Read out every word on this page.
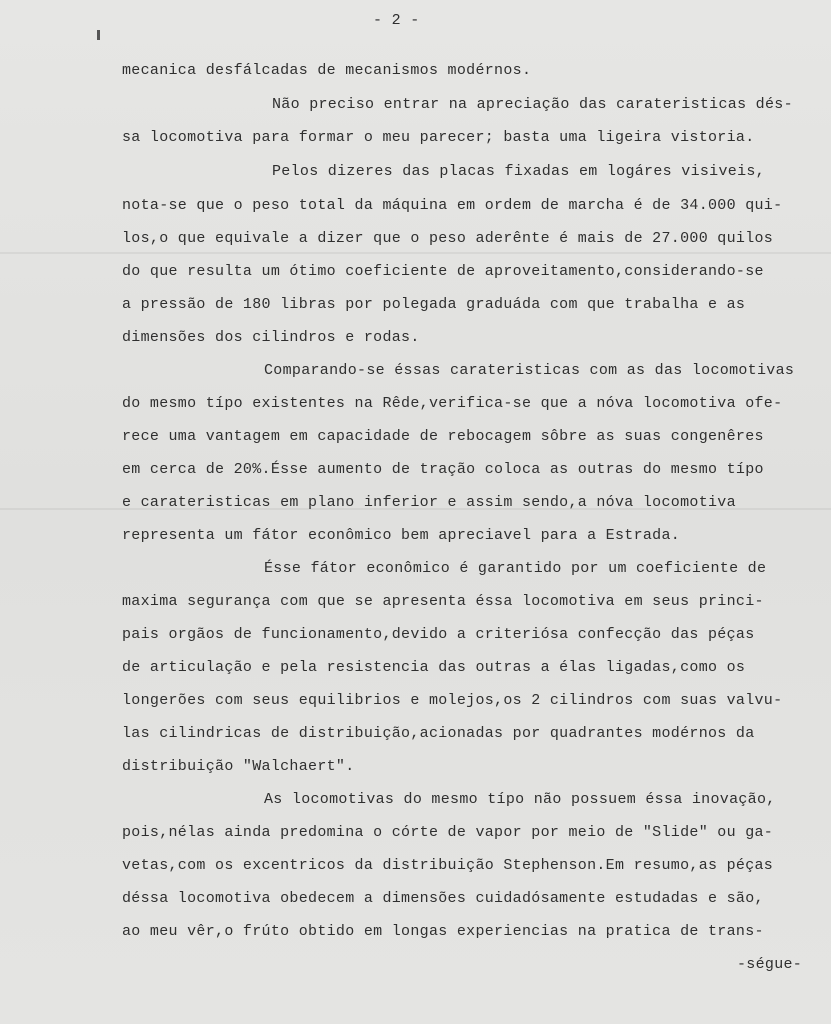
- 2 -
mecanica desfálcadas de mecanismos modérnos.
Não preciso entrar na apreciação das carateristicas dés-
sa locomotiva para formar o meu parecer; basta uma ligeira vistoria.
Pelos dizeres das placas fixadas em logáres visiveis,
nota-se que o peso total da máquina em ordem de marcha é de 34.000 qui-
los,o que equivale a dizer que o peso aderênte é mais de 27.000 quilos
do que resulta um ótimo coeficiente de aproveitamento,considerando-se
a pressão de 180 libras por polegada graduáda com que trabalha e as
dimensões dos cilindros e rodas.
Comparando-se éssas carateristicas com as das locomotivas
do mesmo típo existentes na Rêde,verifica-se que a nóva locomotiva ofe-
rece uma vantagem em capacidade de rebocagem sôbre as suas congenêres
em cerca de 20%.Ésse aumento de tração coloca as outras do mesmo típo
e carateristicas em plano inferior e assim sendo,a nóva locomotiva
representa um fátor econômico bem apreciavel para a Estrada.
Ésse fátor econômico é garantido por um coeficiente de
maxima segurança com que se apresenta éssa locomotiva em seus princi-
pais orgãos de funcionamento,devido a criteriósa confecção das péças
de articulação e pela resistencia das outras a élas ligadas,como os
longerões com seus equilibrios e molejos,os 2 cilindros com suas valvu-
las cilindricas de distribuição,acionadas por quadrantes modérnos da
distribuição "Walchaert".
As locomotivas do mesmo típo não possuem éssa inovação,
pois,nélas ainda predomina o córte de vapor por meio de "Slide" ou ga-
vetas,com os excentricos da distribuição Stephenson.Em resumo,as péças
déssa locomotiva obedecem a dimensões cuidadósamente estudadas e são,
ao meu vêr,o frúto obtido em longas experiencias na pratica de trans-
-ségue-
